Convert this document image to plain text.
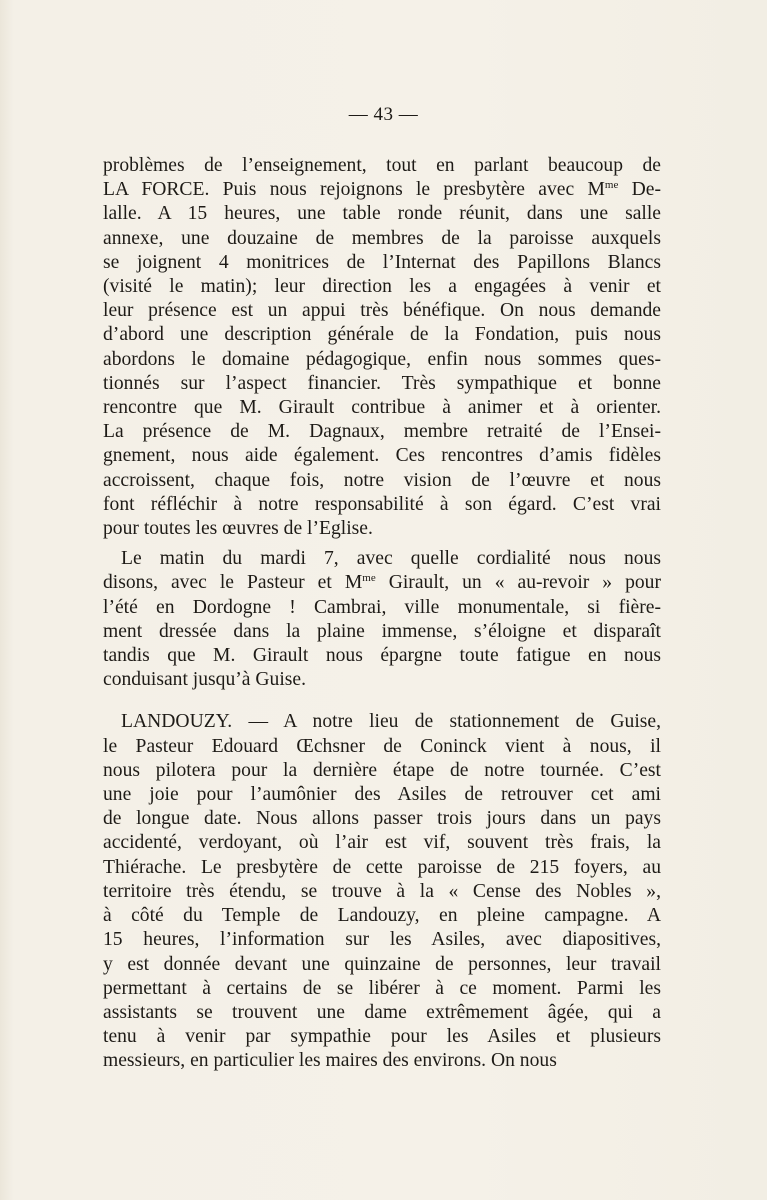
— 43 —
problèmes de l’enseignement, tout en parlant beaucoup de
LA FORCE. Puis nous rejoignons le presbytère avec $M^{me}$ De-
lalle. A 15 heures, une table ronde réunit, dans une salle
annexe, une douzaine de membres de la paroisse auxquels
se joignent 4 monitrices de l’Internat des Papillons Blancs
(visité le matin); leur direction les a engagées à venir et
leur présence est un appui très bénéfique. On nous demande
d’abord une description générale de la Fondation, puis nous
abordons le domaine pédagogique, enfin nous sommes ques-
tionnés sur l’aspect financier. Très sympathique et bonne
rencontre que M. Girault contribue à animer et à orienter.
La présence de M. Dagnaux, membre retraité de l’Ensei-
gnement, nous aide également. Ces rencontres d’amis fidèles
accroissent, chaque fois, notre vision de l’œuvre et nous
font réfléchir à notre responsabilité à son égard. C’est vrai
pour toutes les œuvres de l’Eglise.
Le matin du mardi 7, avec quelle cordialité nous nous
disons, avec le Pasteur et $M^{me}$ Girault, un « au-revoir » pour
l’été en Dordogne ! Cambrai, ville monumentale, si fière-
ment dressée dans la plaine immense, s’éloigne et disparaît
tandis que M. Girault nous épargne toute fatigue en nous
conduisant jusqu’à Guise.
LANDOUZY. — A notre lieu de stationnement de Guise,
le Pasteur Edouard Œchsner de Coninck vient à nous, il
nous pilotera pour la dernière étape de notre tournée. C’est
une joie pour l’aumônier des Asiles de retrouver cet ami
de longue date. Nous allons passer trois jours dans un pays
accidenté, verdoyant, où l’air est vif, souvent très frais, la
Thiérache. Le presbytère de cette paroisse de 215 foyers, au
territoire très étendu, se trouve à la « Cense des Nobles »,
à côté du Temple de Landouzy, en pleine campagne. A
15 heures, l’information sur les Asiles, avec diapositives,
y est donnée devant une quinzaine de personnes, leur travail
permettant à certains de se libérer à ce moment. Parmi les
assistants se trouvent une dame extrêmement âgée, qui a
tenu à venir par sympathie pour les Asiles et plusieurs
messieurs, en particulier les maires des environs. On nous
